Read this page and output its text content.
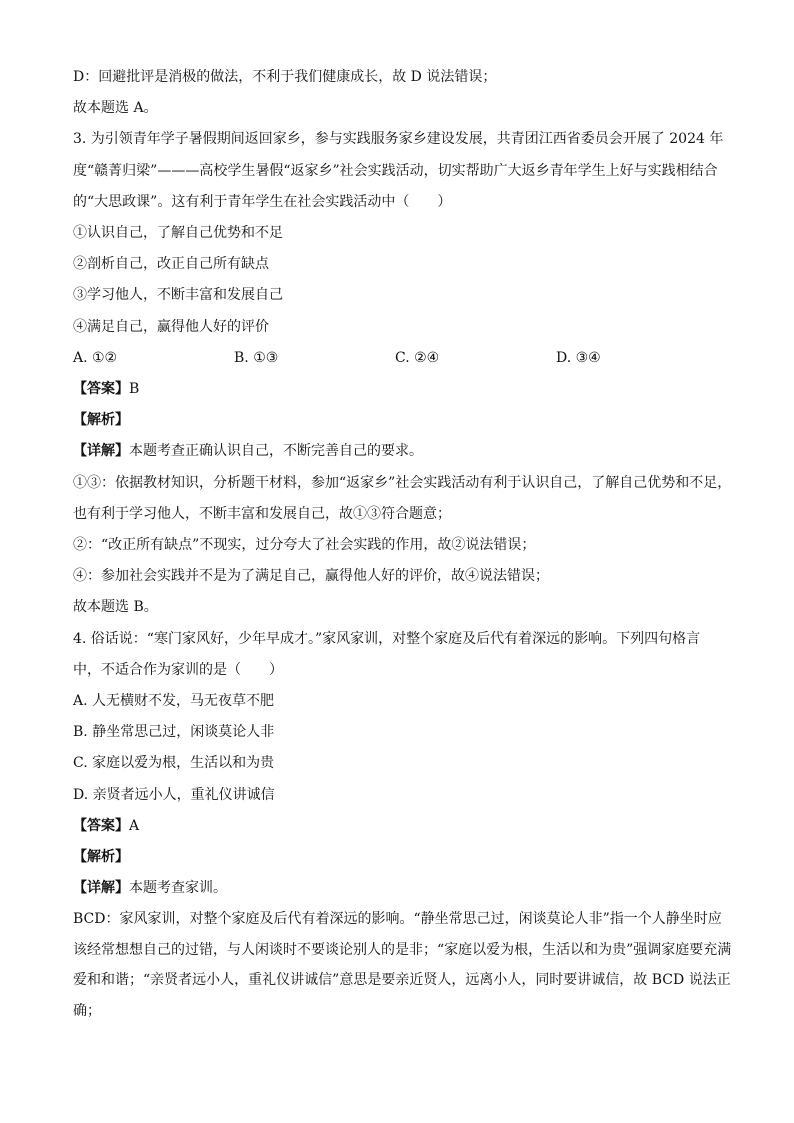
D：回避批评是消极的做法，不利于我们健康成长，故 D 说法错误；

故本题选 A。

3. 为引领青年学子暑假期间返回家乡，参与实践服务家乡建设发展，共青团江西省委员会开展了 2024 年

度“赣菁归梁”———高校学生暑假“返家乡”社会实践活动，切实帮助广大返乡青年学生上好与实践相结合

的“大思政课”。这有利于青年学生在社会实践活动中（　　）

①认识自己，了解自己优势和不足

②剖析自己，改正自己所有缺点

③学习他人，不断丰富和发展自己

④满足自己，赢得他人好的评价

A. ①②	B. ①③	C. ②④	D. ③④

【答案】B

【解析】

【详解】本题考查正确认识自己，不断完善自己的要求。

①③：依据教材知识，分析题干材料，参加“返家乡”社会实践活动有利于认识自己，了解自己优势和不足，

也有利于学习他人，不断丰富和发展自己，故①③符合题意；

②：“改正所有缺点”不现实，过分夸大了社会实践的作用，故②说法错误；

④：参加社会实践并不是为了满足自己，赢得他人好的评价，故④说法错误；

故本题选 B。

4. 俗话说：“寒门家风好，少年早成才。”家风家训，对整个家庭及后代有着深远的影响。下列四句格言

中，不适合作为家训的是（　　）

A. 人无横财不发，马无夜草不肥

B. 静坐常思己过，闲谈莫论人非

C. 家庭以爱为根，生活以和为贵

D. 亲贤者远小人，重礼仪讲诚信

【答案】A

【解析】

【详解】本题考查家训。

BCD：家风家训，对整个家庭及后代有着深远的影响。“静坐常思己过，闲谈莫论人非”指一个人静坐时应该经常想想自己的过错，与人闲谈时不要谈论别人的是非；“家庭以爱为根，生活以和为贵”强调家庭要充满爱和和谐；“亲贤者远小人，重礼仪讲诚信”意思是要亲近贤人，远离小人，同时要讲诚信，故 BCD 说法正确；
